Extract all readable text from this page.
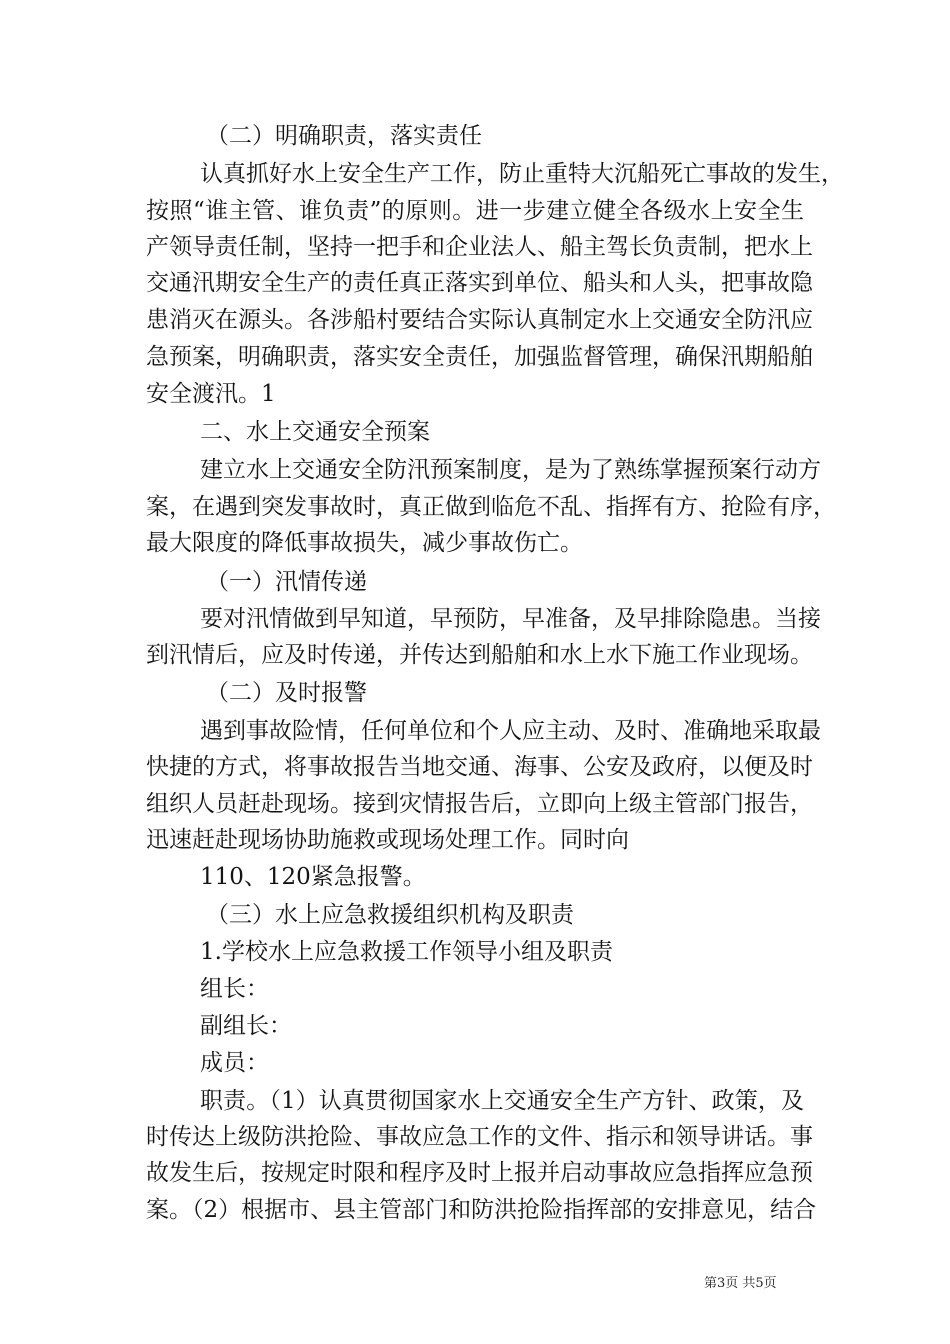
（二）明确职责，落实责任

认真抓好水上安全生产工作，防止重特大沉船死亡事故的发生，

按照“谁主管、谁负责”的原则。进一步建立健全各级水上安全生

产领导责任制，坚持一把手和企业法人、船主驾长负责制，把水上

交通汛期安全生产的责任真正落实到单位、船头和人头，把事故隐

患消灭在源头。各涉船村要结合实际认真制定水上交通安全防汛应

急预案，明确职责，落实安全责任，加强监督管理，确保汛期船舶

安全渡汛。1

二、水上交通安全预案

建立水上交通安全防汛预案制度，是为了熟练掌握预案行动方

案，在遇到突发事故时，真正做到临危不乱、指挥有方、抢险有序，

最大限度的降低事故损失，减少事故伤亡。

（一）汛情传递

要对汛情做到早知道，早预防，早准备，及早排除隐患。当接

到汛情后，应及时传递，并传达到船舶和水上水下施工作业现场。

（二）及时报警

遇到事故险情，任何单位和个人应主动、及时、准确地采取最

快捷的方式，将事故报告当地交通、海事、公安及政府，以便及时

组织人员赶赴现场。接到灾情报告后，立即向上级主管部门报告，

迅速赶赴现场协助施救或现场处理工作。同时向

110、120紧急报警。

（三）水上应急救援组织机构及职责

1.学校水上应急救援工作领导小组及职责

组长：

副组长：

成员：

职责。（1）认真贯彻国家水上交通安全生产方针、政策，及

时传达上级防洪抢险、事故应急工作的文件、指示和领导讲话。事

故发生后，按规定时限和程序及时上报并启动事故应急指挥应急预

案。（2）根据市、县主管部门和防洪抢险指挥部的安排意见，结合

第3页 共5页
